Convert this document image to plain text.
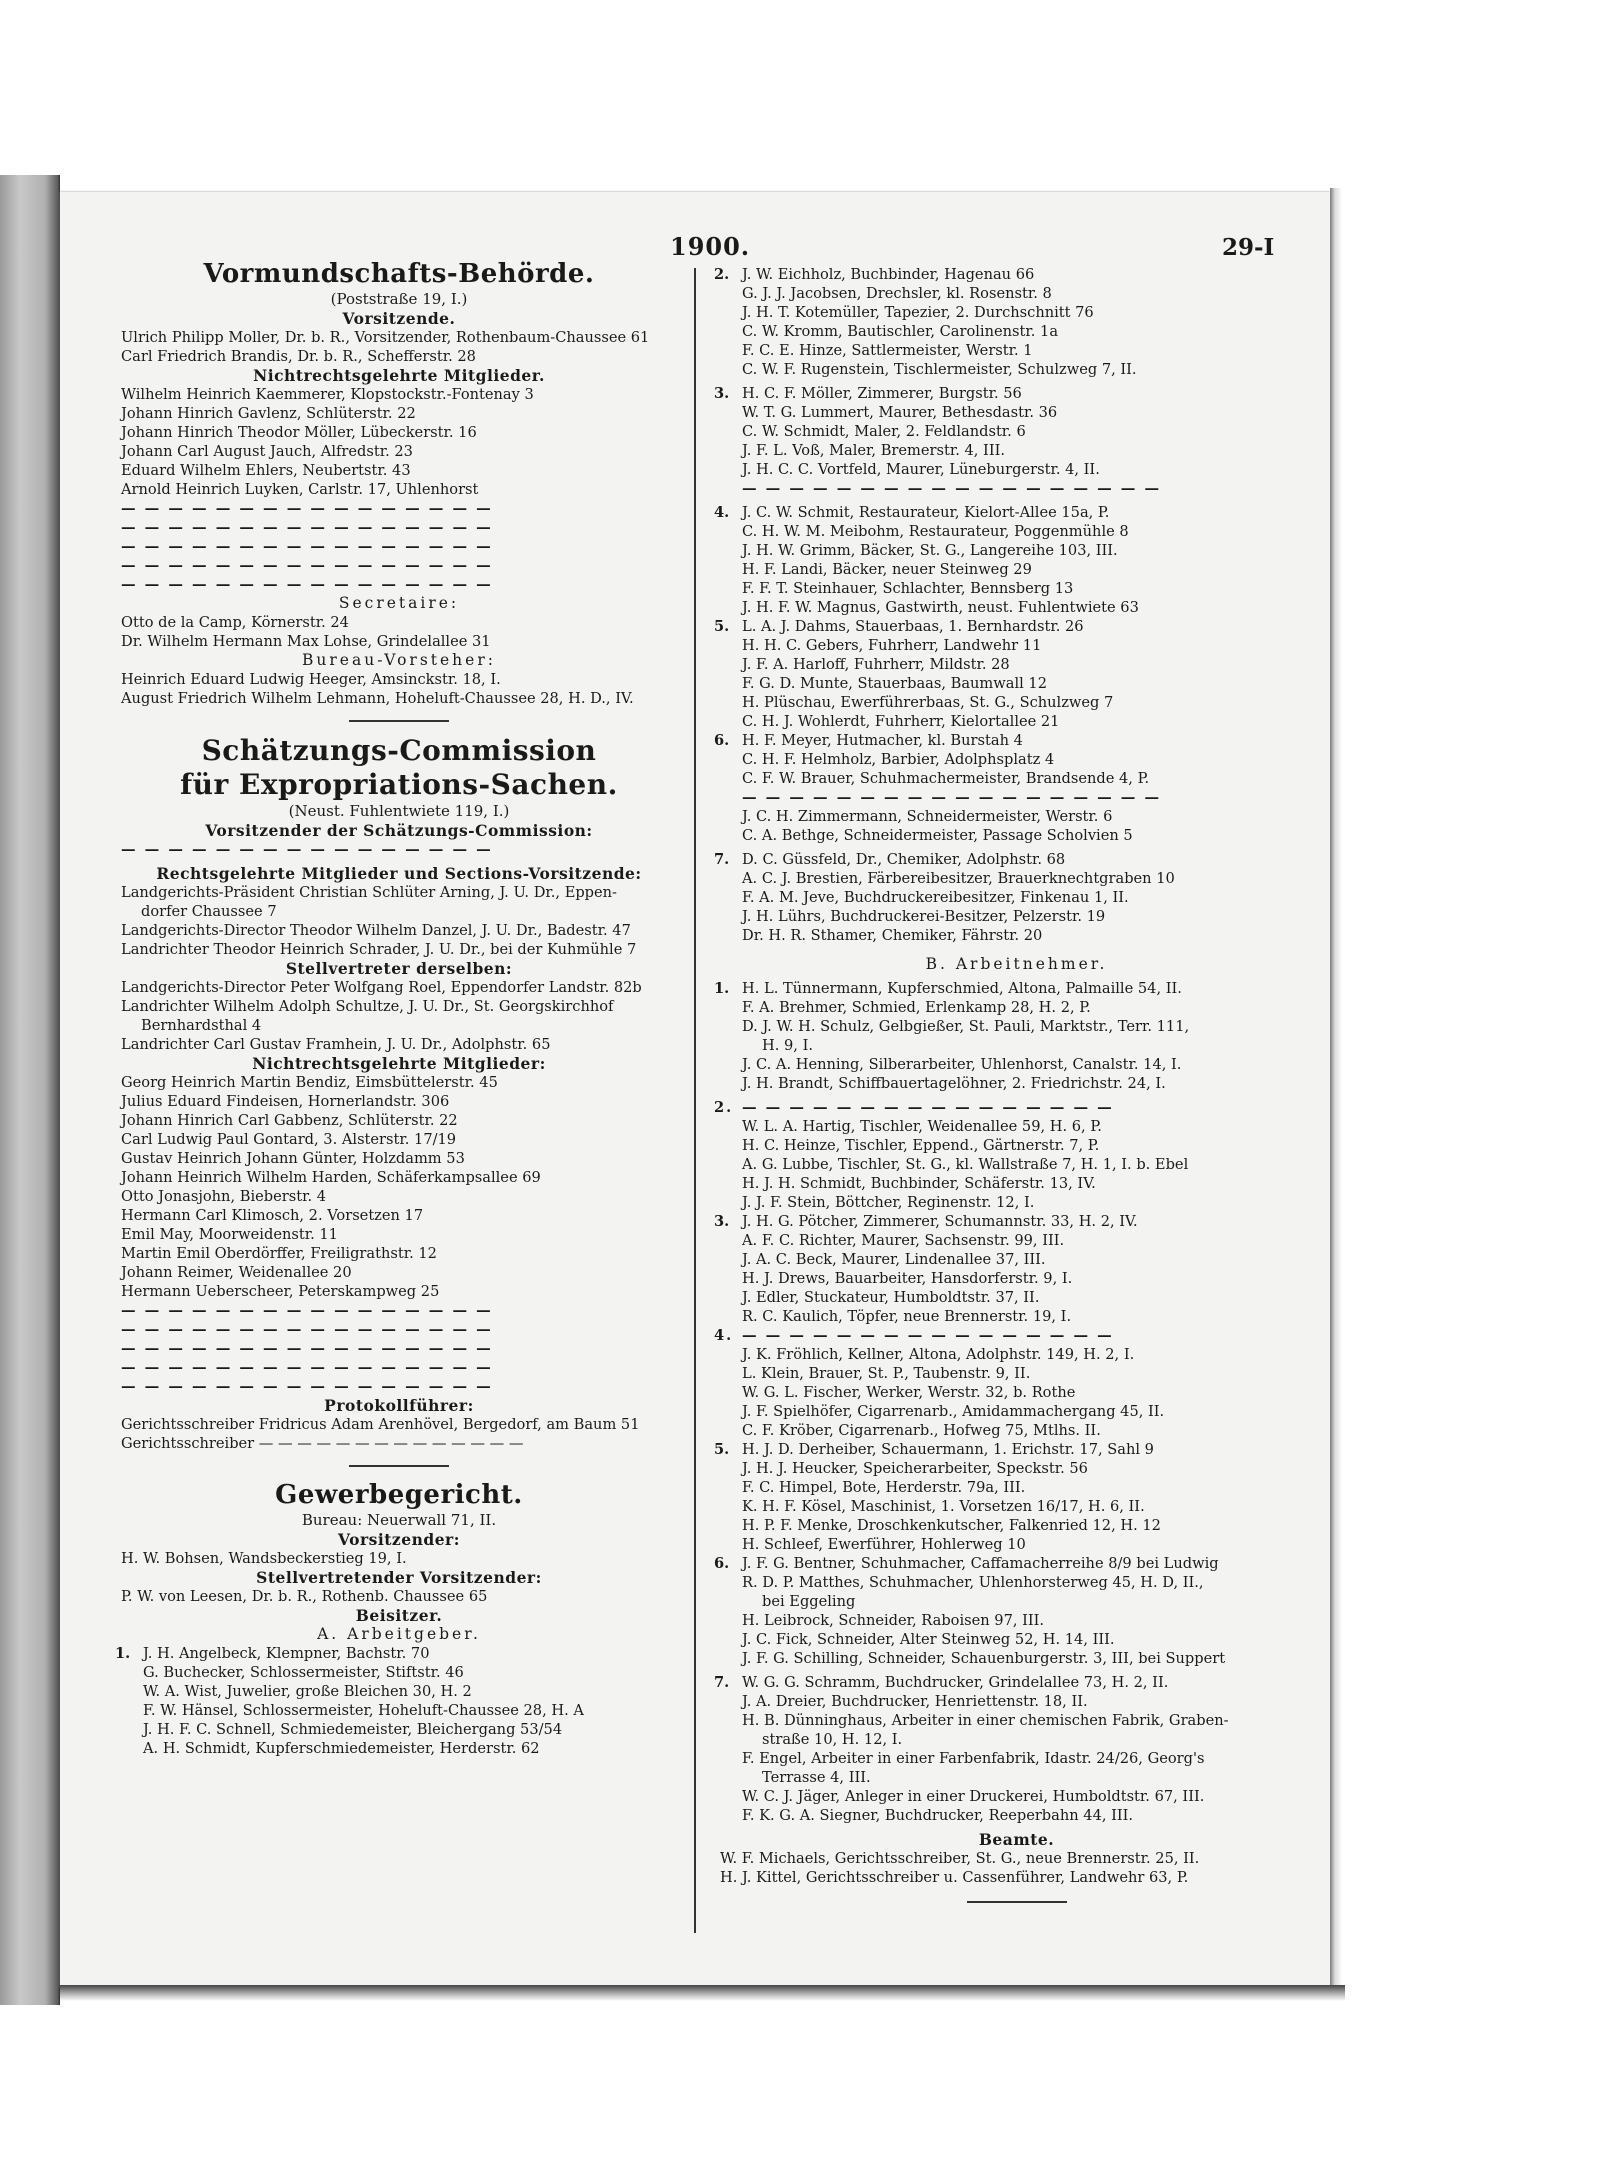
1900.	29-I
Vormundschafts-Behörde.
(Poststraße 19, I.)
Vorsitzende.
Ulrich Philipp Moller, Dr. b. R., Vorsitzender, Rothenbaum-Chaussee 61
Carl Friedrich Brandis, Dr. b. R., Schefferstr. 28
Nichtrechtsgelehrte Mitglieder.
Wilhelm Heinrich Kaemmerer, Klopstockstr.-Fontenay 3
Johann Hinrich Gavlenz, Schlüterstr. 22
Johann Hinrich Theodor Möller, Lübeckerstr. 16
Johann Carl August Jauch, Alfredstr. 23
Eduard Wilhelm Ehlers, Neubertstr. 43
Arnold Heinrich Luyken, Carlstr. 17, Uhlenhorst
— — — — — — — — — — — — — — — —
— — — — — — — — — — — — — — — —
— — — — — — — — — — — — — — — —
— — — — — — — — — — — — — — — —
— — — — — — — — — — — — — — — —
Secretaire:
Otto de la Camp, Körnerstr. 24
Dr. Wilhelm Hermann Max Lohse, Grindelallee 31
Bureau-Vorsteher:
Heinrich Eduard Ludwig Heeger, Amsinckstr. 18, I.
August Friedrich Wilhelm Lehmann, Hoheluft-Chaussee 28, H. D., IV.
Schätzungs-Commission
für Expropriations-Sachen.
(Neust. Fuhlentwiete 119, I.)
Vorsitzender der Schätzungs-Commission:
— — — — — — — — — — — — — — — —
Rechtsgelehrte Mitglieder und Sections-Vorsitzende:
Landgerichts-Präsident Christian Schlüter Arning, J. U. Dr., Eppen-
dorfer Chaussee 7
Landgerichts-Director Theodor Wilhelm Danzel, J. U. Dr., Badestr. 47
Landrichter Theodor Heinrich Schrader, J. U. Dr., bei der Kuhmühle 7
Stellvertreter derselben:
Landgerichts-Director Peter Wolfgang Roel, Eppendorfer Landstr. 82b
Landrichter Wilhelm Adolph Schultze, J. U. Dr., St. Georgskirchhof
Bernhardsthal 4
Landrichter Carl Gustav Framhein, J. U. Dr., Adolphstr. 65
Nichtrechtsgelehrte Mitglieder:
Georg Heinrich Martin Bendiz, Eimsbüttelerstr. 45
Julius Eduard Findeisen, Hornerlandstr. 306
Johann Hinrich Carl Gabbenz, Schlüterstr. 22
Carl Ludwig Paul Gontard, 3. Alsterstr. 17/19
Gustav Heinrich Johann Günter, Holzdamm 53
Johann Heinrich Wilhelm Harden, Schäferkampsallee 69
Otto Jonasjohn, Bieberstr. 4
Hermann Carl Klimosch, 2. Vorsetzen 17
Emil May, Moorweidenstr. 11
Martin Emil Oberdörffer, Freiligrathstr. 12
Johann Reimer, Weidenallee 20
Hermann Ueberscheer, Peterskampweg 25
— — — — — — — — — — — — — — — —
— — — — — — — — — — — — — — — —
— — — — — — — — — — — — — — — —
— — — — — — — — — — — — — — — —
— — — — — — — — — — — — — — — —
Protokollführer:
Gerichtsschreiber Fridricus Adam Arenhövel, Bergedorf, am Baum 51
Gerichtsschreiber — — — — — — — — — — — — — —
Gewerbegericht.
Bureau: Neuerwall 71, II.
Vorsitzender:
H. W. Bohsen, Wandsbeckerstieg 19, I.
Stellvertretender Vorsitzender:
P. W. von Leesen, Dr. b. R., Rothenb. Chaussee 65
Beisitzer.
A. Arbeitgeber.
1. J. H. Angelbeck, Klempner, Bachstr. 70
G. Buchecker, Schlossermeister, Stiftstr. 46
W. A. Wist, Juwelier, große Bleichen 30, H. 2
F. W. Hänsel, Schlossermeister, Hoheluft-Chaussee 28, H. A
J. H. F. C. Schnell, Schmiedemeister, Bleichergang 53/54
A. H. Schmidt, Kupferschmiedemeister, Herderstr. 62
2. J. W. Eichholz, Buchbinder, Hagenau 66
G. J. J. Jacobsen, Drechsler, kl. Rosenstr. 8
J. H. T. Kotemüller, Tapezier, 2. Durchschnitt 76
C. W. Kromm, Bautischler, Carolinenstr. 1a
F. C. E. Hinze, Sattlermeister, Werstr. 1
C. W. F. Rugenstein, Tischlermeister, Schulzweg 7, II.
3. H. C. F. Möller, Zimmerer, Burgstr. 56
W. T. G. Lummert, Maurer, Bethesdastr. 36
C. W. Schmidt, Maler, 2. Feldlandstr. 6
J. F. L. Voß, Maler, Bremerstr. 4, III.
J. H. C. C. Vortfeld, Maurer, Lüneburgerstr. 4, II.
— — — — — — — — — — — — — — — — — —
4. J. C. W. Schmit, Restaurateur, Kielort-Allee 15a, P.
C. H. W. M. Meibohm, Restaurateur, Poggenmühle 8
J. H. W. Grimm, Bäcker, St. G., Langereihe 103, III.
H. F. Landi, Bäcker, neuer Steinweg 29
F. F. T. Steinhauer, Schlachter, Bennsberg 13
J. H. F. W. Magnus, Gastwirth, neust. Fuhlentwiete 63
5. L. A. J. Dahms, Stauerbaas, 1. Bernhardstr. 26
H. H. C. Gebers, Fuhrherr, Landwehr 11
J. F. A. Harloff, Fuhrherr, Mildstr. 28
F. G. D. Munte, Stauerbaas, Baumwall 12
H. Plüschau, Ewerführerbaas, St. G., Schulzweg 7
C. H. J. Wohlerdt, Fuhrherr, Kielortallee 21
6. H. F. Meyer, Hutmacher, kl. Burstah 4
C. H. F. Helmholz, Barbier, Adolphsplatz 4
C. F. W. Brauer, Schuhmachermeister, Brandsende 4, P.
— — — — — — — — — — — — — — — — — —
J. C. H. Zimmermann, Schneidermeister, Werstr. 6
C. A. Bethge, Schneidermeister, Passage Scholvien 5
7. D. C. Güssfeld, Dr., Chemiker, Adolphstr. 68
A. C. J. Brestien, Färbereibesitzer, Brauerknechtgraben 10
F. A. M. Jeve, Buchdruckereibesitzer, Finkenau 1, II.
J. H. Lührs, Buchdruckerei-Besitzer, Pelzerstr. 19
Dr. H. R. Sthamer, Chemiker, Fährstr. 20
B. Arbeitnehmer.
1. H. L. Tünnermann, Kupferschmied, Altona, Palmaille 54, II.
F. A. Brehmer, Schmied, Erlenkamp 28, H. 2, P.
D. J. W. H. Schulz, Gelbgießer, St. Pauli, Marktstr., Terr. 111,
H. 9, I.
J. C. A. Henning, Silberarbeiter, Uhlenhorst, Canalstr. 14, I.
J. H. Brandt, Schiffbauertagelöhner, 2. Friedrichstr. 24, I.
2. — — — — — — — — — — — — — — — —
W. L. A. Hartig, Tischler, Weidenallee 59, H. 6, P.
H. C. Heinze, Tischler, Eppend., Gärtnerstr. 7, P.
A. G. Lubbe, Tischler, St. G., kl. Wallstraße 7, H. 1, I. b. Ebel
H. J. H. Schmidt, Buchbinder, Schäferstr. 13, IV.
J. J. F. Stein, Böttcher, Reginenstr. 12, I.
3. J. H. G. Pötcher, Zimmerer, Schumannstr. 33, H. 2, IV.
A. F. C. Richter, Maurer, Sachsenstr. 99, III.
J. A. C. Beck, Maurer, Lindenallee 37, III.
H. J. Drews, Bauarbeiter, Hansdorferstr. 9, I.
J. Edler, Stuckateur, Humboldtstr. 37, II.
R. C. Kaulich, Töpfer, neue Brennerstr. 19, I.
4. — — — — — — — — — — — — — — — —
J. K. Fröhlich, Kellner, Altona, Adolphstr. 149, H. 2, I.
L. Klein, Brauer, St. P., Taubenstr. 9, II.
W. G. L. Fischer, Werker, Werstr. 32, b. Rothe
J. F. Spielhöfer, Cigarrenarb., Amidammachergang 45, II.
C. F. Kröber, Cigarrenarb., Hofweg 75, Mtlhs. II.
5. H. J. D. Derheiber, Schauermann, 1. Erichstr. 17, Sahl 9
J. H. J. Heucker, Speicherarbeiter, Speckstr. 56
F. C. Himpel, Bote, Herderstr. 79a, III.
K. H. F. Kösel, Maschinist, 1. Vorsetzen 16/17, H. 6, II.
H. P. F. Menke, Droschkenkutscher, Falkenried 12, H. 12
H. Schleef, Ewerführer, Hohlerweg 10
6. J. F. G. Bentner, Schuhmacher, Caffamacherreihe 8/9 bei Ludwig
R. D. P. Matthes, Schuhmacher, Uhlenhorsterweg 45, H. D, II.,
bei Eggeling
H. Leibrock, Schneider, Raboisen 97, III.
J. C. Fick, Schneider, Alter Steinweg 52, H. 14, III.
J. F. G. Schilling, Schneider, Schauenburgerstr. 3, III, bei Suppert
7. W. G. G. Schramm, Buchdrucker, Grindelallee 73, H. 2, II.
J. A. Dreier, Buchdrucker, Henriettenstr. 18, II.
H. B. Dünninghaus, Arbeiter in einer chemischen Fabrik, Graben-
straße 10, H. 12, I.
F. Engel, Arbeiter in einer Farbenfabrik, Idastr. 24/26, Georg's
Terrasse 4, III.
W. C. J. Jäger, Anleger in einer Druckerei, Humboldtstr. 67, III.
F. K. G. A. Siegner, Buchdrucker, Reeperbahn 44, III.
Beamte.
W. F. Michaels, Gerichtsschreiber, St. G., neue Brennerstr. 25, II.
H. J. Kittel, Gerichtsschreiber u. Cassenführer, Landwehr 63, P.
